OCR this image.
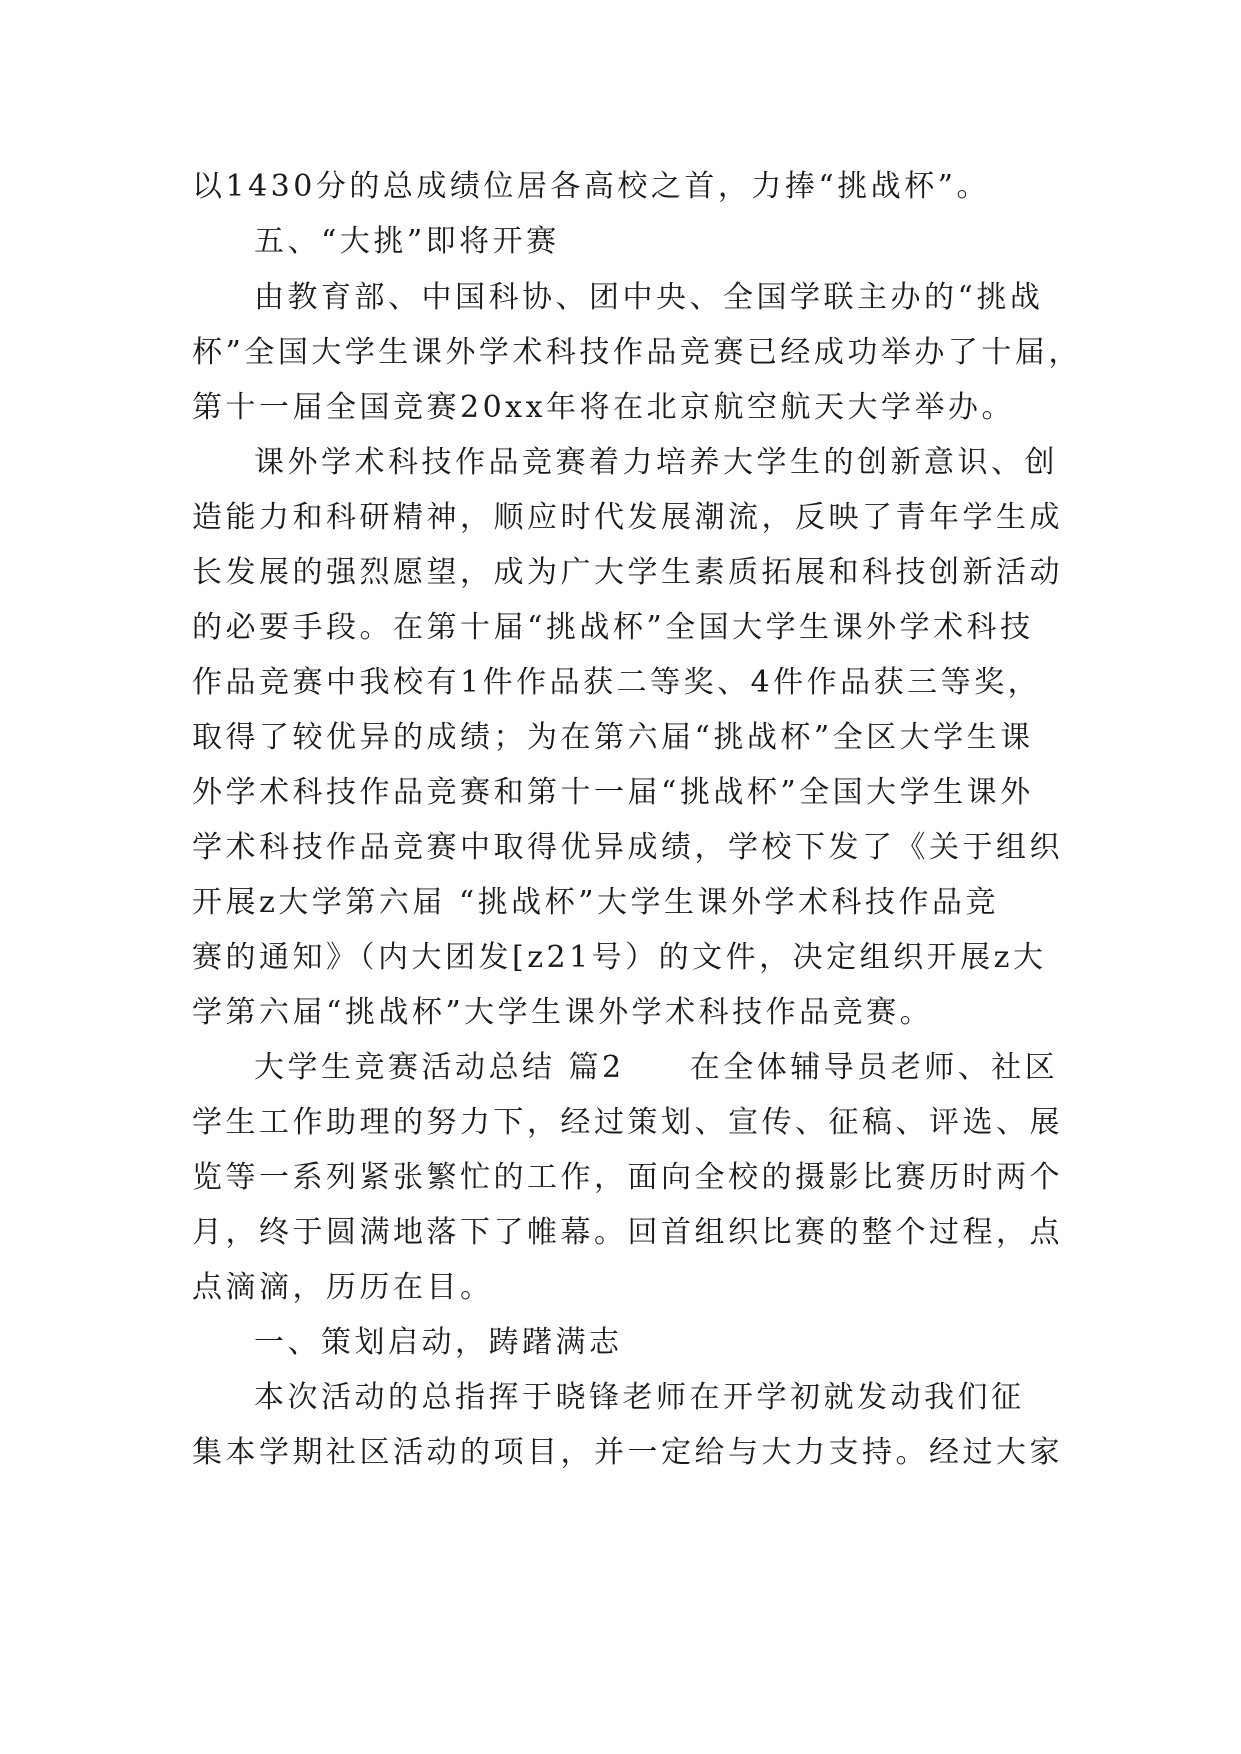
以1430分的总成绩位居各高校之首，力捧“挑战杯”。
五、“大挑”即将开赛
由教育部、中国科协、团中央、全国学联主办的“挑战
杯”全国大学生课外学术科技作品竞赛已经成功举办了十届，
第十一届全国竞赛20xx年将在北京航空航天大学举办。
课外学术科技作品竞赛着力培养大学生的创新意识、创
造能力和科研精神，顺应时代发展潮流，反映了青年学生成
长发展的强烈愿望，成为广大学生素质拓展和科技创新活动
的必要手段。在第十届“挑战杯”全国大学生课外学术科技
作品竞赛中我校有1件作品获二等奖、4件作品获三等奖，
取得了较优异的成绩；为在第六届“挑战杯”全区大学生课
外学术科技作品竞赛和第十一届“挑战杯”全国大学生课外
学术科技作品竞赛中取得优异成绩，学校下发了《关于组织
开展z大学第六届 “挑战杯”大学生课外学术科技作品竞
赛的通知》（内大团发[z21号）的文件，决定组织开展z大
学第六届“挑战杯”大学生课外学术科技作品竞赛。
大学生竞赛活动总结 篇2     在全体辅导员老师、社区
学生工作助理的努力下，经过策划、宣传、征稿、评选、展
览等一系列紧张繁忙的工作，面向全校的摄影比赛历时两个
月，终于圆满地落下了帷幕。回首组织比赛的整个过程，点
点滴滴，历历在目。
一、策划启动，踌躇满志
本次活动的总指挥于晓锋老师在开学初就发动我们征
集本学期社区活动的项目，并一定给与大力支持。经过大家
